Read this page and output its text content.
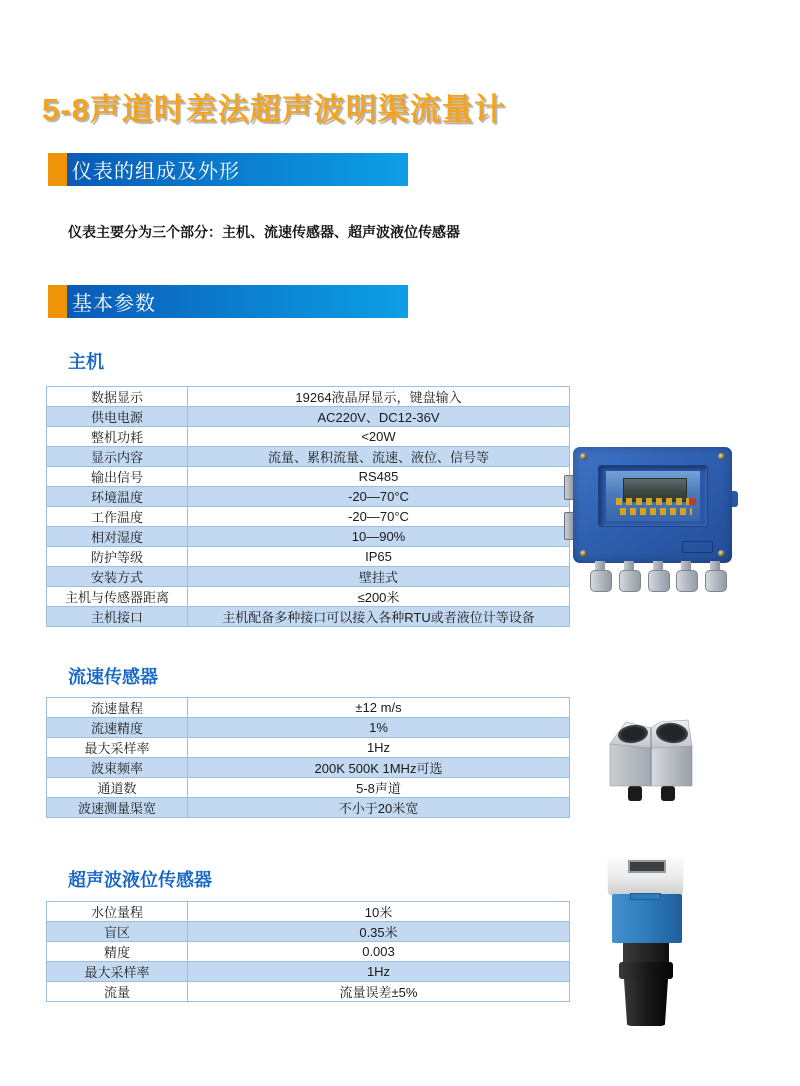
5-8声道时差法超声波明渠流量计
仪表的组成及外形

仪表主要分为三个部分：主机、流速传感器、超声波液位传感器

基本参数
主机
数据显示	19264液晶屏显示，键盘输入
供电电源	AC220V、DC12-36V
整机功耗	<20W
显示内容	流量、累积流量、流速、液位、信号等
输出信号	RS485
环境温度	-20—70°C
工作温度	-20—70°C
相对湿度	10—90%
防护等级	IP65
安装方式	壁挂式
主机与传感器距离	≤200米
主机接口	主机配备多种接口可以接入各种RTU或者液位计等设备
流速传感器
流速量程	±12 m/s
流速精度	1%
最大采样率	1Hz
波束频率	200K 500K 1MHz可选
通道数	5-8声道
波速测量渠宽	不小于20米宽
超声波液位传感器
水位量程	10米
盲区	0.35米
精度	0.003
最大采样率	1Hz
流量	流量误差±5%
